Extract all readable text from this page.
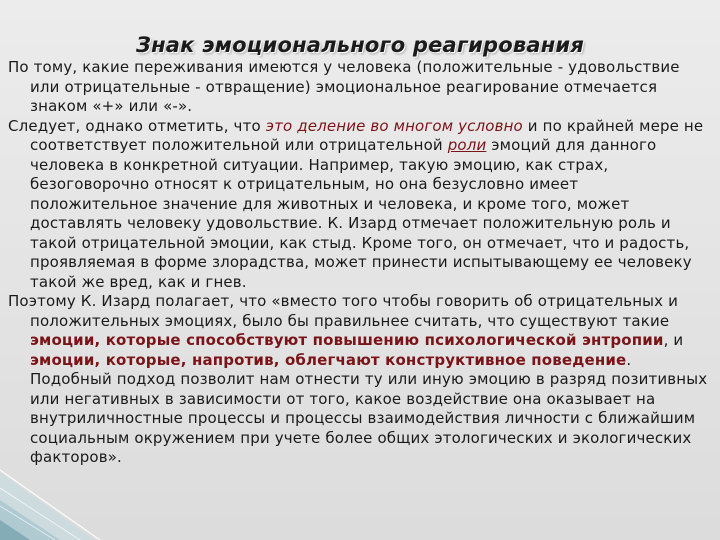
Знак эмоционального реагирования

По тому, какие переживания имеются у человека (положительные - удовольствие или отрицательные - отвращение) эмоциональное реагирование отмечается знаком «+» или «-».

Следует, однако отметить, что это деление во многом условно и по крайней мере не соответствует положительной или отрицательной роли эмоций для данного человека в конкретной ситуации. Например, такую эмоцию, как страх, безоговорочно относят к отрицательным, но она безусловно имеет положительное значение для животных и человека, и кроме того, может доставлять человеку удовольствие. К. Изард отмечает положительную роль и такой отрицательной эмоции, как стыд. Кроме того, он отмечает, что и радость, проявляемая в форме злорадства, может принести испытывающему ее человеку такой же вред, как и гнев.

Поэтому К. Изард полагает, что «вместо того чтобы говорить об отрицательных и положительных эмоциях, было бы правильнее считать, что существуют такие эмоции, которые способствуют повышению психологической энтропии, и эмоции, которые, напротив, облегчают конструктивное поведение. Подобный подход позволит нам отнести ту или иную эмоцию в разряд позитивных или негативных в зависимости от того, какое воздействие она оказывает на внутриличностные процессы и процессы взаимодействия личности с ближайшим социальным окружением при учете более общих этологических и экологических факторов».
